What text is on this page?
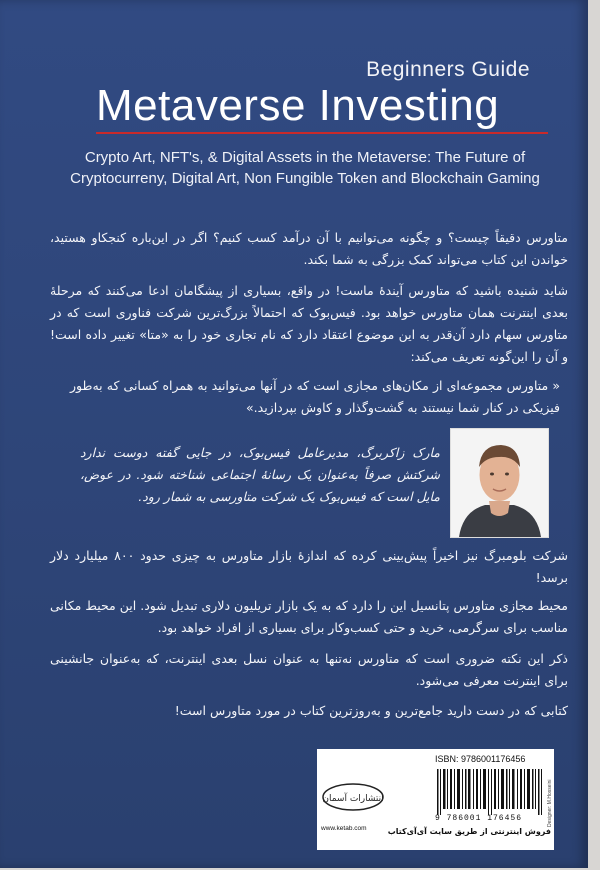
Beginners Guide
Metaverse Investing
Crypto Art, NFT's, & Digital Assets in the Metaverse: The Future of Cryptocurreny, Digital Art, Non Fungible Token and Blockchain Gaming
متاورس دقیقاً چیست؟ و چگونه می‌توانیم با آن درآمد کسب کنیم؟ اگر در این‌باره کنجکاو هستید، خواندن این کتاب می‌تواند کمک بزرگی به شما بکند.
شاید شنیده باشید که متاورس آیندهٔ ماست! در واقع، بسیاری از پیشگامان ادعا می‌کنند که مرحلهٔ بعدی اینترنت همان متاورس خواهد بود. فیس‌بوک که احتمالاً بزرگ‌ترین شرکت فناوری است که در متاورس سهام دارد آن‌قدر به این موضوع اعتقاد دارد که نام تجاری خود را به «متا» تغییر داده است! و آن را این‌گونه تعریف می‌کند:
« متاورس مجموعه‌ای از مکان‌های مجازی است که در آنها می‌توانید به همراه کسانی که به‌طور فیزیکی در کنار شما نیستند به گشت‌وگذار و کاوش بپردازید.»
مارک زاکربرگ، مدیرعامل فیس‌بوک، در جایی گفته دوست ندارد شرکتش صرفاً به‌عنوان یک رسانهٔ اجتماعی شناخته شود. در عوض، مایل است که فیس‌بوک یک شرکت متاورسی به شمار رود.
شرکت بلومبرگ نیز اخیراً پیش‌بینی کرده که اندازهٔ بازار متاورس به چیزی حدود ۸۰۰ میلیارد دلار برسد!
محیط مجازی متاورس پتانسیل این را دارد که به یک بازار تریلیون دلاری تبدیل شود. این محیط مکانی مناسب برای سرگرمی، خرید و حتی کسب‌وکار برای بسیاری از افراد خواهد بود.
ذکر این نکته ضروری است که متاورس نه‌تنها به عنوان نسل بعدی اینترنت، که به‌عنوان جانشینی برای اینترنت معرفی می‌شود.
کتابی که در دست دارید جامع‌ترین و به‌روزترین کتاب در مورد متاورس است!
ISBN: 9786001176456
9 786001 176456	Designer: M.Hosseini
انتشارات آسمان
www.ketab.com	فروش اینترنتی از طریق سایت آی‌آی‌کتاب
